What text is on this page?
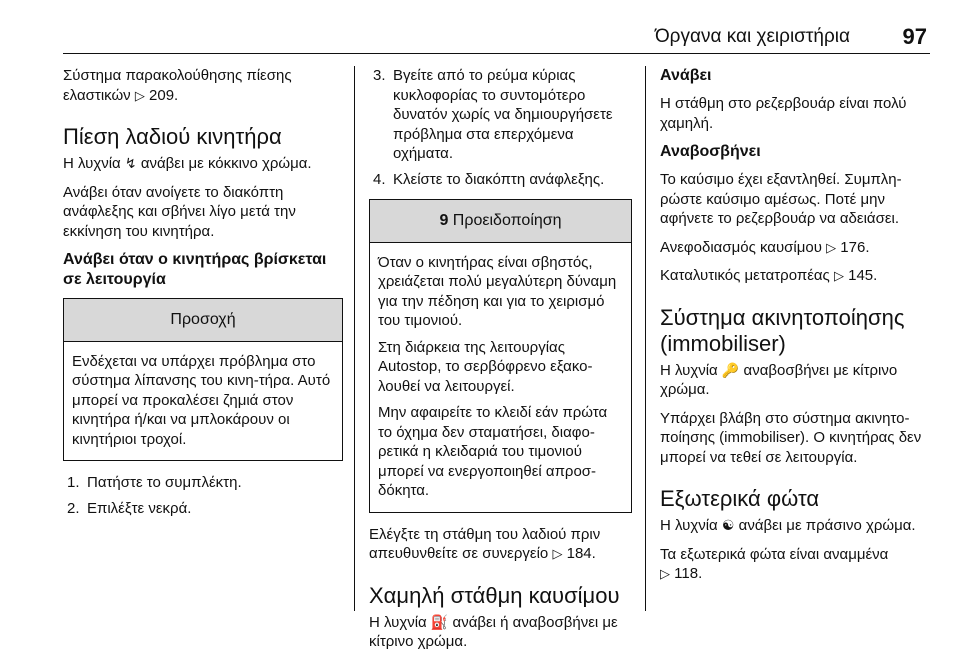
Όργανα και χειριστήρια 97

Σύστημα παρακολούθησης πίεσης ελαστικών ▷ 209.

Πίεση λαδιού κινητήρα

Η λυχνία ↯ ανάβει με κόκκινο χρώμα.

Ανάβει όταν ανοίγετε το διακόπτη ανάφλεξης και σβήνει λίγο μετά την εκκίνηση του κινητήρα.

Ανάβει όταν ο κινητήρας βρίσκεται σε λειτουργία
Προσοχή

Ενδέχεται να υπάρχει πρόβλημα στο σύστημα λίπανσης του κινη-τήρα. Αυτό μπορεί να προκαλέσει ζημιά στον κινητήρα ή/και να μπλοκάρουν οι κινητήριοι τροχοί.

1. Πατήστε το συμπλέκτη.
2. Επιλέξτε νεκρά.
3. Βγείτε από το ρεύμα κύριας κυκλοφορίας το συντομότερο δυνατόν χωρίς να δημιουργήσετε πρόβλημα στα επερχόμενα οχήματα.
4. Κλείστε το διακόπτη ανάφλεξης.
9 Προειδοποίηση

Όταν ο κινητήρας είναι σβηστός, χρειάζεται πολύ μεγαλύτερη δύναμη για την πέδηση και για το χειρισμό του τιμονιού.

Στη διάρκεια της λειτουργίας Autostop, το σερβόφρενο εξακο-λουθεί να λειτουργεί.

Μην αφαιρείτε το κλειδί εάν πρώτα το όχημα δεν σταματήσει, διαφο-ρετικά η κλειδαριά του τιμονιού μπορεί να ενεργοποιηθεί απροσ-δόκητα.

Ελέγξτε τη στάθμη του λαδιού πριν απευθυνθείτε σε συνεργείο ▷ 184.

Χαμηλή στάθμη καυσίμου

Η λυχνία ⛽ ανάβει ή αναβοσβήνει με κίτρινο χρώμα.

Ανάβει

Η στάθμη στο ρεζερβουάρ είναι πολύ χαμηλή.

Αναβοσβήνει

Το καύσιμο έχει εξαντληθεί. Συμπλη-ρώστε καύσιμο αμέσως. Ποτέ μην αφήνετε το ρεζερβουάρ να αδειάσει.

Ανεφοδιασμός καυσίμου ▷ 176.

Καταλυτικός μετατροπέας ▷ 145.

Σύστημα ακινητοποίησης (immobiliser)

Η λυχνία 🔑 αναβοσβήνει με κίτρινο χρώμα.

Υπάρχει βλάβη στο σύστημα ακινητο-ποίησης (immobiliser). Ο κινητήρας δεν μπορεί να τεθεί σε λειτουργία.

Εξωτερικά φώτα

Η λυχνία ☯ ανάβει με πράσινο χρώμα.

Τα εξωτερικά φώτα είναι αναμμένα
▷ 118.
